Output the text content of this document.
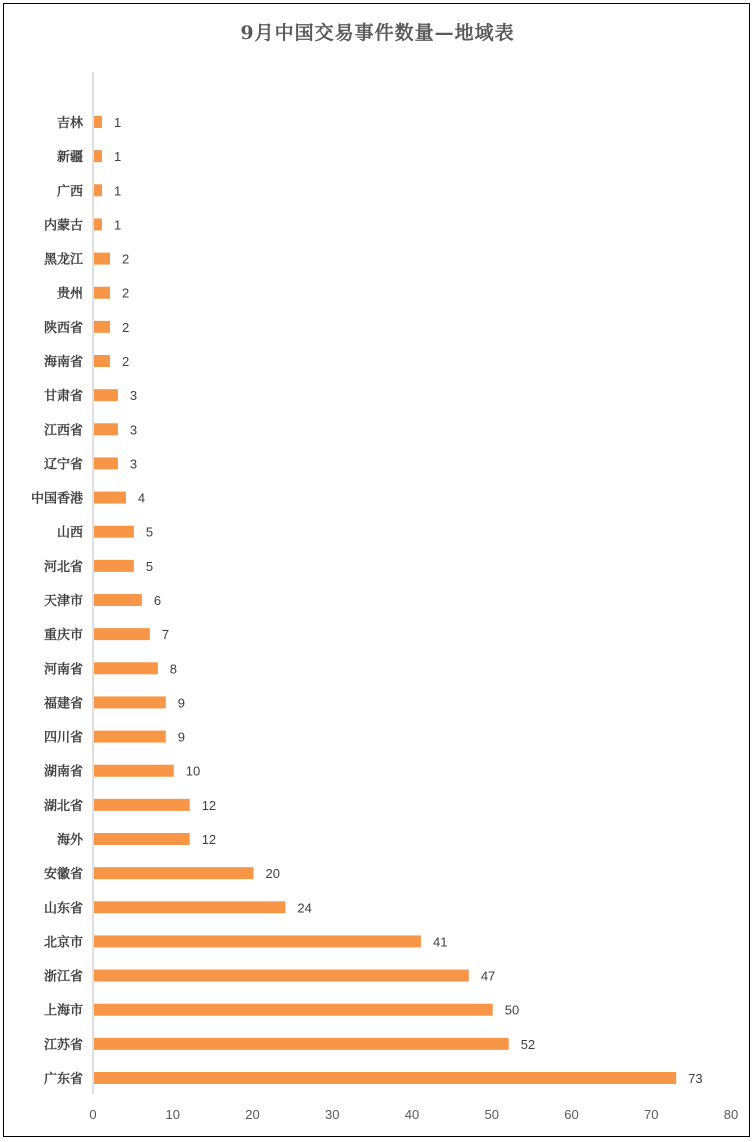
9月中国交易事件数量—地域表
吉林 1
新疆 1
广西 1
内蒙古 1
黑龙江	2
贵州	2
陕西省	2
海南省	2
甘肃省	3
江西省	3
辽宁省	3
中国香港	4
山西	5
河北省	5
天津市	6
重庆市	7
河南省	8
福建省	9
四川省	9
湖南省	10
湖北省	12
海外	12
安徽省	20
山东省	24
北京市	41
浙江省	47
上海市	50
江苏省	52
广东省	73
0	10	20	30	40	50	60	70	80
